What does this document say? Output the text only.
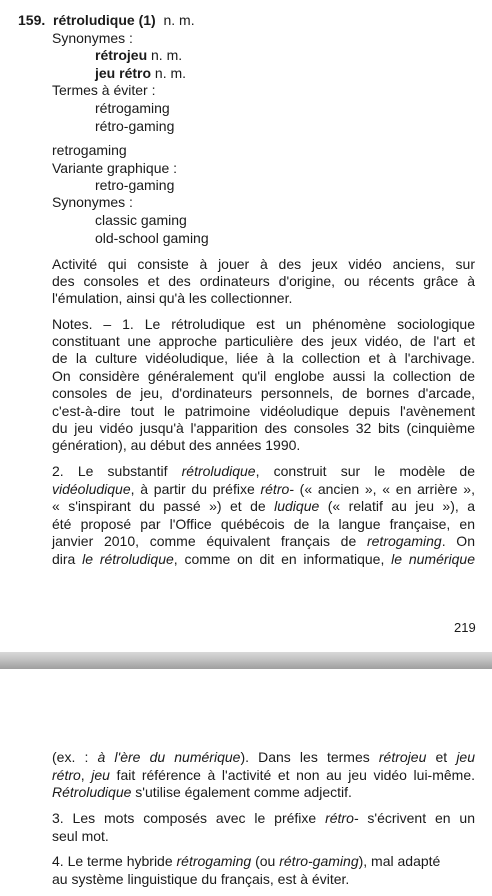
159. rétroludique (1) n. m.
Synonymes :
rétrojeu n. m.
jeu rétro n. m.
Termes à éviter :
rétrogaming
rétro-gaming
retrogaming
Variante graphique :
retro-gaming
Synonymes :
classic gaming
old-school gaming
Activité qui consiste à jouer à des jeux vidéo anciens, sur
des consoles et des ordinateurs d'origine, ou récents grâce à
l'émulation, ainsi qu'à les collectionner.
Notes. – 1. Le rétroludique est un phénomène sociologique
constituant une approche particulière des jeux vidéo, de l'art et
de la culture vidéoludique, liée à la collection et à l'archivage.
On considère généralement qu'il englobe aussi la collection de
consoles de jeu, d'ordinateurs personnels, de bornes d'arcade,
c'est-à-dire tout le patrimoine vidéoludique depuis l'avènement
du jeu vidéo jusqu'à l'apparition des consoles 32 bits (cinquième
génération), au début des années 1990.
2. Le substantif rétroludique, construit sur le modèle de
vidéoludique, à partir du préfixe rétro- (« ancien », « en arrière »,
« s'inspirant du passé ») et de ludique (« relatif au jeu »), a
été proposé par l'Office québécois de la langue française, en
janvier 2010, comme équivalent français de retrogaming. On
dira le rétroludique, comme on dit en informatique, le numérique
219
(ex. : à l'ère du numérique). Dans les termes rétrojeu et jeu
rétro, jeu fait référence à l'activité et non au jeu vidéo lui-même.
Rétroludique s'utilise également comme adjectif.
3. Les mots composés avec le préfixe rétro- s'écrivent en un
seul mot.
4. Le terme hybride rétrogaming (ou rétro-gaming), mal adapté
au système linguistique du français, est à éviter.
